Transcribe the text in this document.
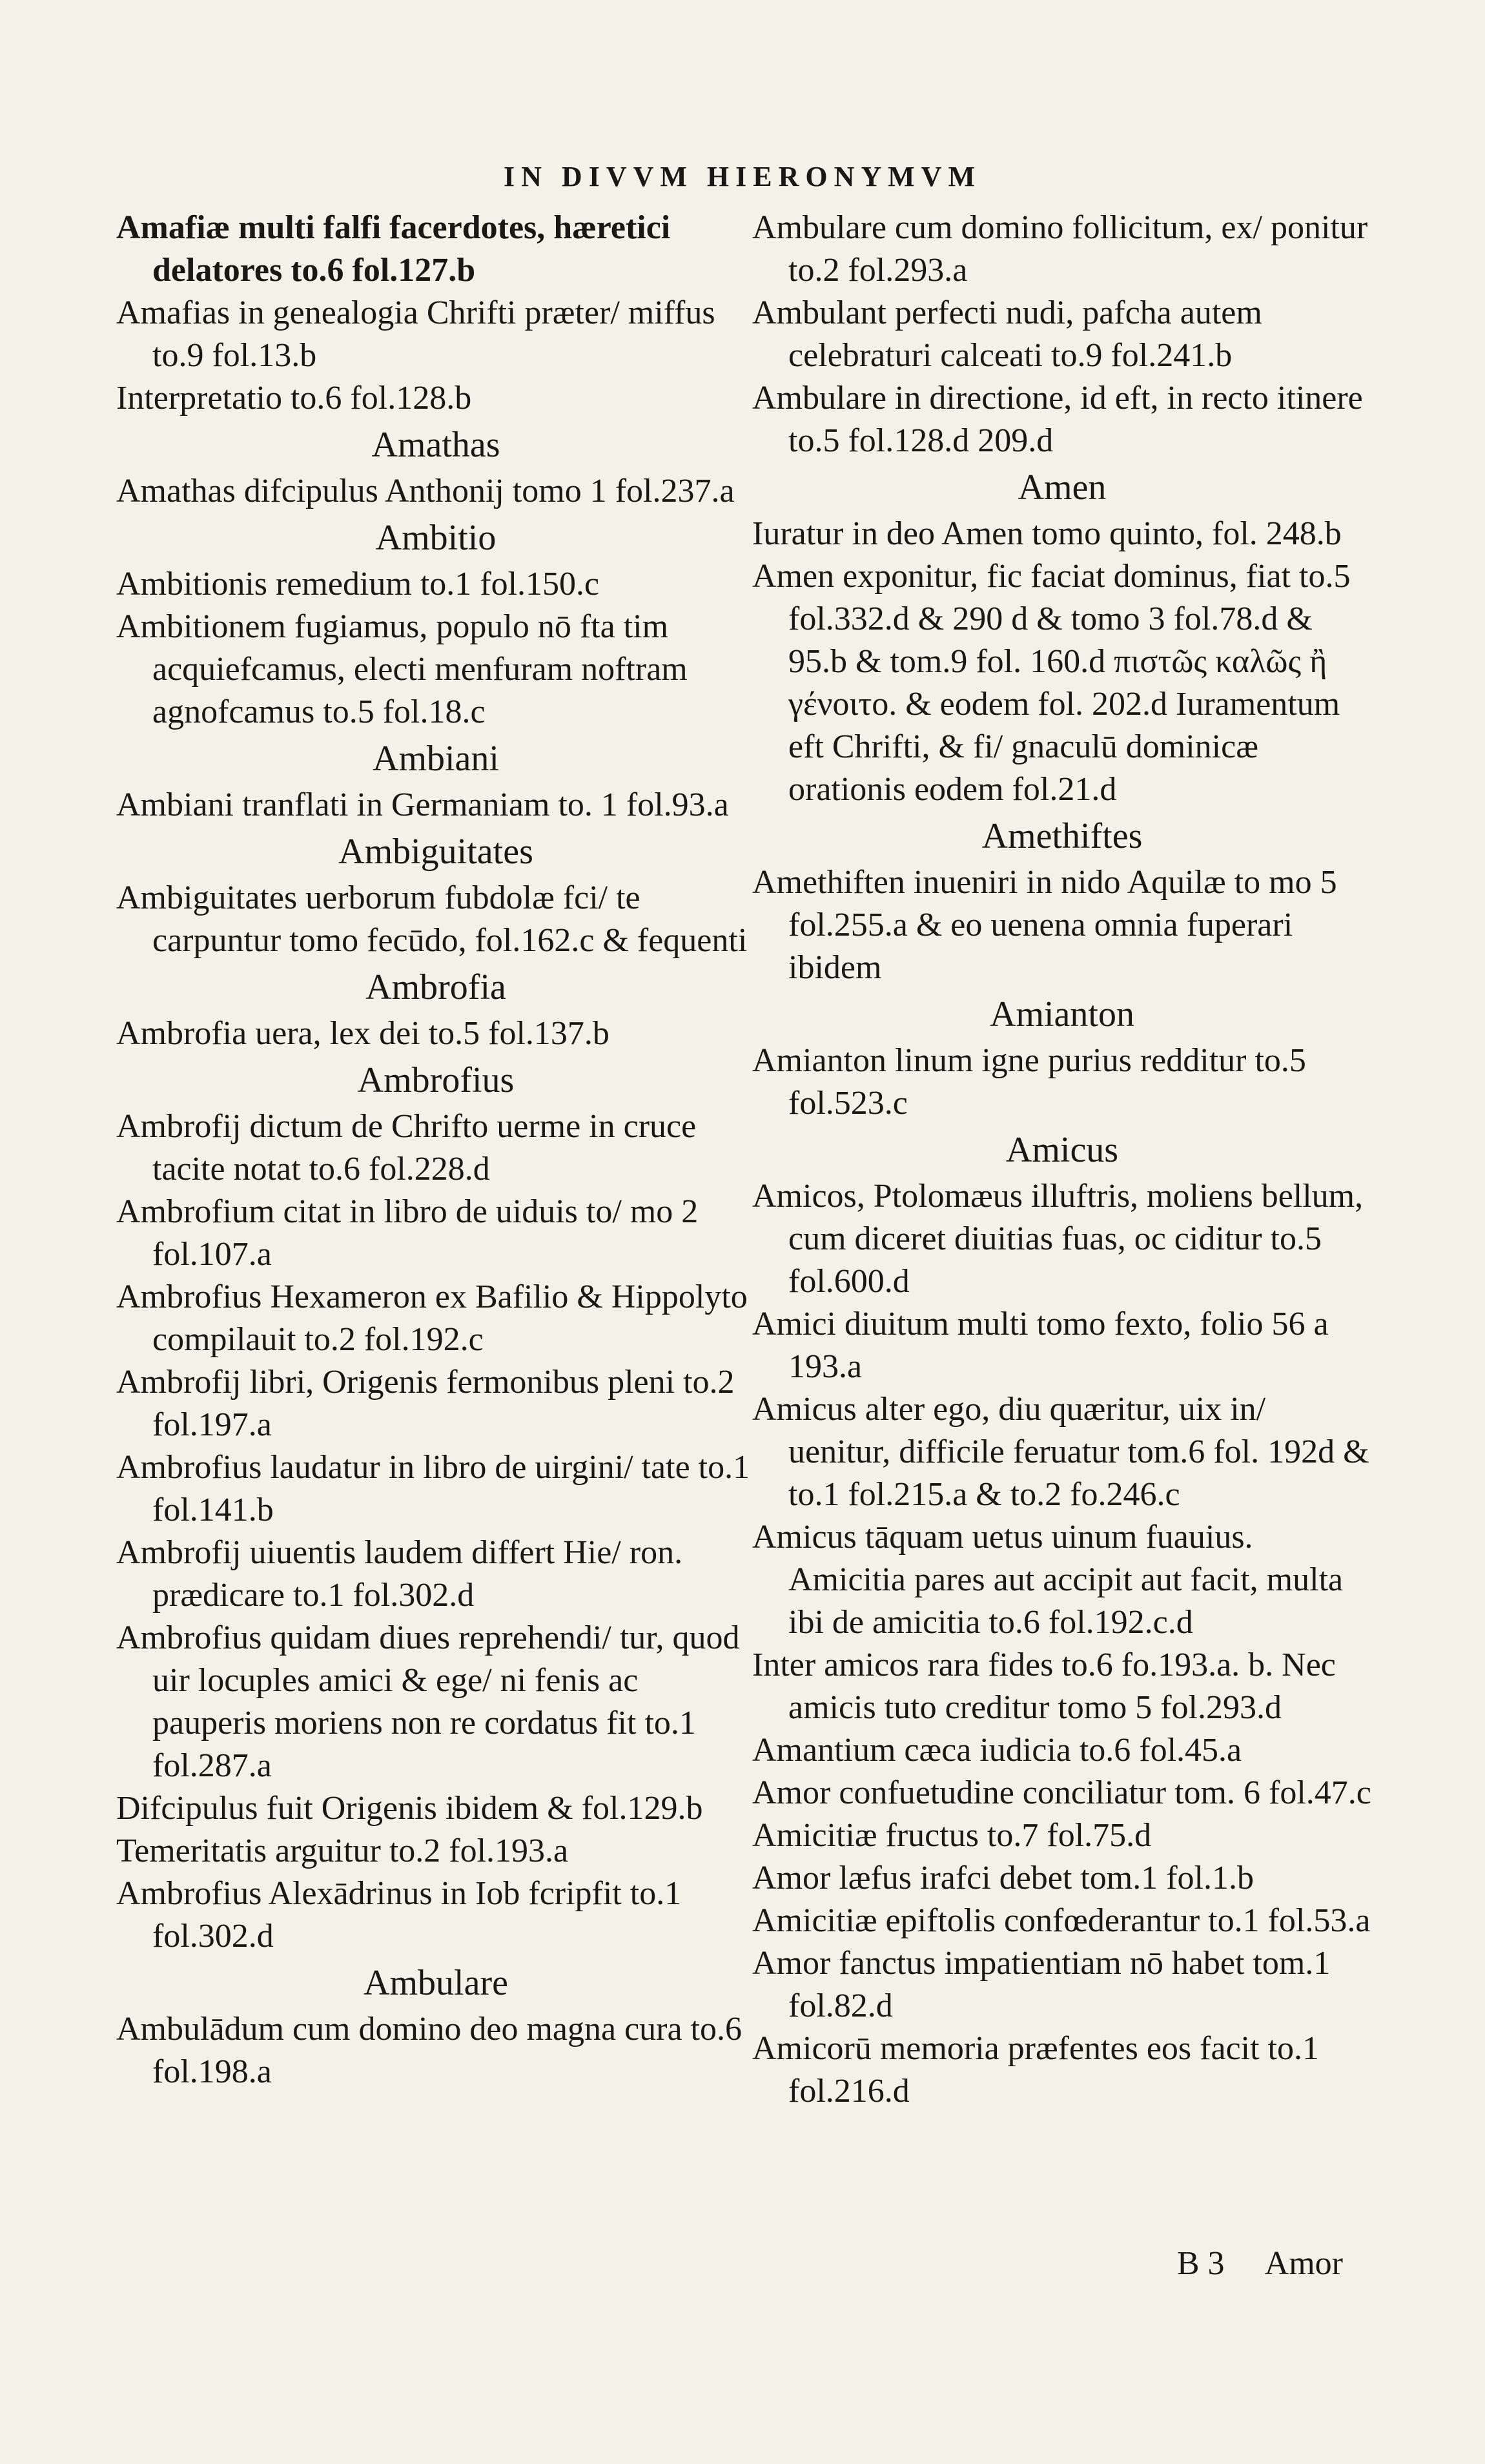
IN DIVVM HIERONYMVM
Amafiæ multi falfi facerdotes, hæretici delatores to.6 fol.127.b
Amafias in genealogia Chrifti præter/ miffus to.9 fol.13.b
Interpretatio to.6 fol.128.b
Amathas
Amathas difcipulus Anthonij tomo 1 fol.237.a
Ambitio
Ambitionis remedium to.1 fol.150.c
Ambitionem fugiamus, populo nō fta tim acquiefcamus, electi menfuram noftram agnofcamus to.5 fol.18.c
Ambiani
Ambiani tranflati in Germaniam to. 1 fol.93.a
Ambiguitates
Ambiguitates uerborum fubdolæ fci/ te carpuntur tomo fecūdo, fol.162.c & fequenti
Ambrofia
Ambrofia uera, lex dei to.5 fol.137.b
Ambrofius
Ambrofij dictum de Chrifto uerme in cruce tacite notat to.6 fol.228.d
Ambrofium citat in libro de uiduis to/ mo 2 fol.107.a
Ambrofius Hexameron ex Bafilio & Hippolyto compilauit to.2 fol.192.c
Ambrofij libri, Origenis fermonibus pleni to.2 fol.197.a
Ambrofius laudatur in libro de uirgini/ tate to.1 fol.141.b
Ambrofij uiuentis laudem differt Hie/ ron. prædicare to.1 fol.302.d
Ambrofius quidam diues reprehendi/ tur, quod uir locuples amici & ege/ ni fenis ac pauperis moriens non re cordatus fit to.1 fol.287.a
Difcipulus fuit Origenis ibidem & fol.129.b
Temeritatis arguitur to.2 fol.193.a
Ambrofius Alexādrinus in Iob fcripfit to.1 fol.302.d
Ambulare
Ambulādum cum domino deo magna cura to.6 fol.198.a
Ambulare cum domino follicitum, ex/ ponitur to.2 fol.293.a
Ambulant perfecti nudi, pafcha autem celebraturi calceati to.9 fol.241.b
Ambulare in directione, id eft, in recto itinere to.5 fol.128.d 209.d
Amen
Iuratur in deo Amen tomo quinto, fol. 248.b
Amen exponitur, fic faciat dominus, fiat to.5 fol.332.d & 290 d & tomo 3 fol.78.d & 95.b & tom.9 fol. 160.d πιστῶς καλῶς ἢ γένοιτο. & eodem fol. 202.d Iuramentum eft Chrifti, & fi/ gnaculū dominicæ orationis eodem fol.21.d
Amethiftes
Amethiften inueniri in nido Aquilæ to mo 5 fol.255.a & eo uenena omnia fuperari ibidem
Amianton
Amianton linum igne purius redditur to.5 fol.523.c
Amicus
Amicos, Ptolomæus illuftris, moliens bellum, cum diceret diuitias fuas, oc ciditur to.5 fol.600.d
Amici diuitum multi tomo fexto, folio 56 a 193.a
Amicus alter ego, diu quæritur, uix in/ uenitur, difficile feruatur tom.6 fol. 192d & to.1 fol.215.a & to.2 fo.246.c
Amicus tāquam uetus uinum fuauius. Amicitia pares aut accipit aut facit, multa ibi de amicitia to.6 fol.192.c.d
Inter amicos rara fides to.6 fo.193.a. b. Nec amicis tuto creditur tomo 5 fol.293.d
Amantium cæca iudicia to.6 fol.45.a
Amor confuetudine conciliatur tom. 6 fol.47.c
Amicitiæ fructus to.7 fol.75.d
Amor læfus irafci debet tom.1 fol.1.b
Amicitiæ epiftolis confœderantur to.1 fol.53.a
Amor fanctus impatientiam nō habet tom.1 fol.82.d
Amicorū memoria præfentes eos facit to.1 fol.216.d
B 3 Amor
